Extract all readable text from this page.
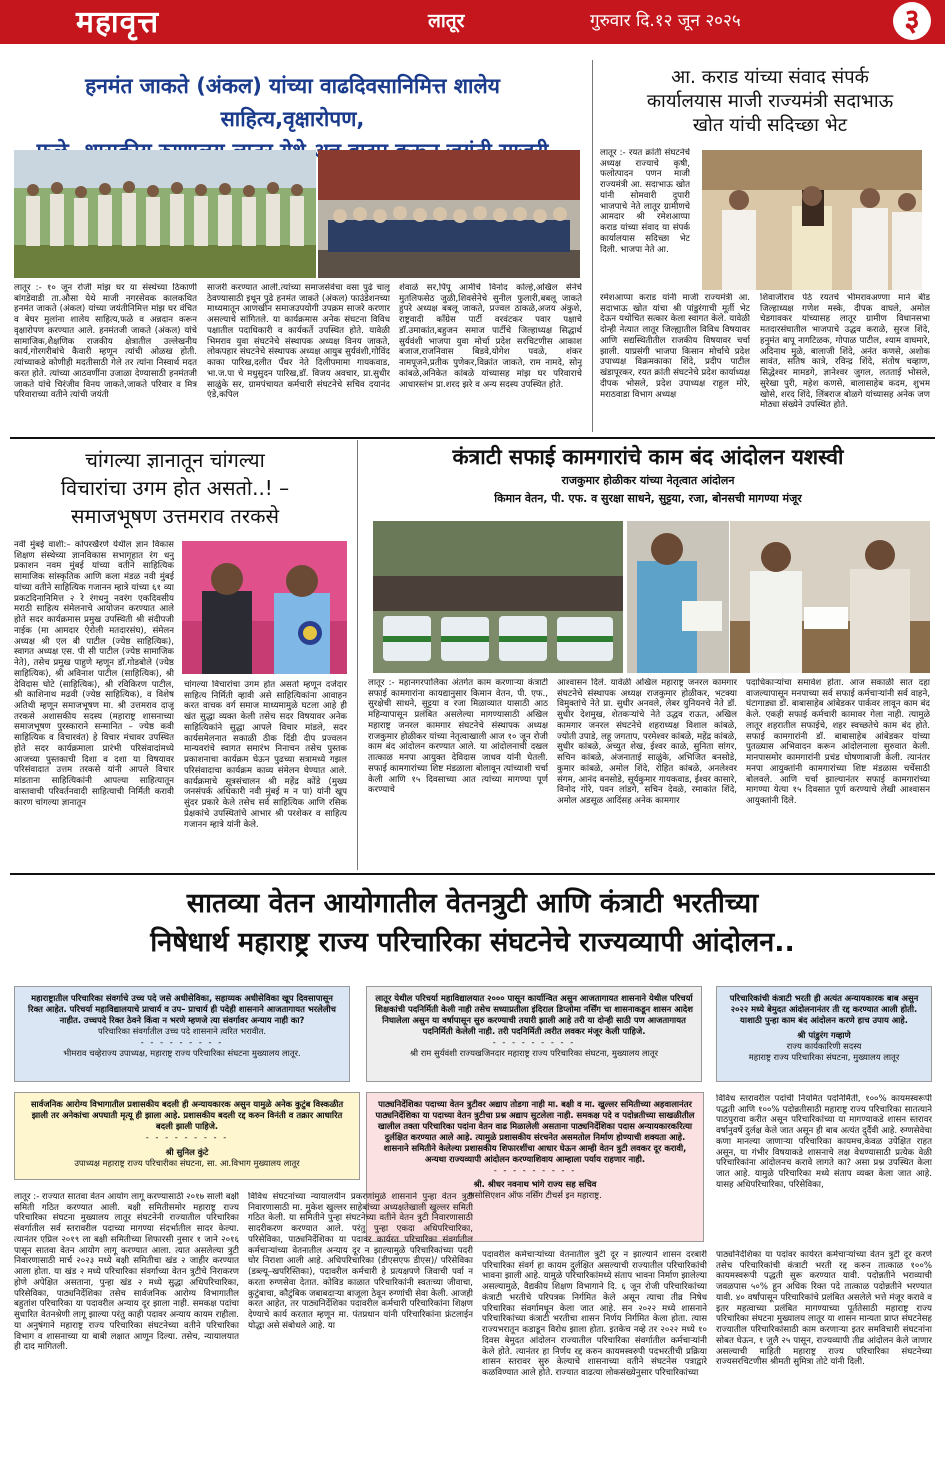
महावृत्त	लातूर	गुरुवार दि.१२ जून २०२५	३
हनमंत जाकते (अंकल) यांच्या वाढदिवसानिमित्त शालेय साहित्य,वृक्षारोपण,
लातूर :- १० जून रोजी मांझ घर या संस्थेच्या ठिकाणी बांगडेवाडी ता.औसा येथे माजी नगरसेवक कालकथित हनमंत जाकते (अंकल) यांच्या जयंतीनिमित्त मांझ घर वंचित व बेघर मुलांना शालेय साहित्य,फळे व अन्नदान करून वृक्षारोपण करण्यात आले. हनमंतजी जाकते (अंकल) यांचे सामाजिक,शैक्षणिक राजकीय क्षेत्रातील उल्लेखनीय कार्य,गोरगरीबांचे कैवारी म्हणून त्यांची ओळख होती. त्यांच्याकडे कोणीही मदतीसाठी गेले तर त्यांना निस्वार्थ मदत करत होते. त्यांच्या आठवणींना उजाळा देण्यासाठी हनमंतजी जाकते यांचे चिरंजीव विनय जाकते,जाकते परिवार व मित्र परिवाराच्या वतीने त्यांची जयंती
साजरी करण्यात आली.त्यांच्या समाजसेवेचा वसा पुढे चालू ठेवण्यासाठी इथून पुढे हनमंत जाकते (अंकल) फाउंडेशनच्या माध्यमातून आणखीन समाजउपयोगी उपक्रम साजरे करणार असल्याचे सांगितले. या कार्यक्रमास अनेक संघटना विविध पक्षातील पदाधिकारी व कार्यकर्ते उपस्थित होते. यावेळी भिमराव युवा संघटनेचे संस्थापक अध्यक्ष विनय जाकते, लोकपहार संघटनेचे संस्थापक अध्यक्ष आयुब सुर्यवंशी,गोविंद काका पारिख,दलीत पँथर नेते दिलीपमामा गायकवाड, भा.ज.पा चे मधुसुदन पारिख,डॉ. विजय अवचार, प्रा.सुधीर साळुंके सर, ग्रामपंचायत कर्मचारी संघटनेचे सचिव दयानंद एंडे,कपिल
शेवाळे सर,पिंपू आर्मीचे विनोद कोल्हे,अखिल सेनेचे मुतलिफसेठ जुळी,शिवसेनेचे सुनील फुलारी,बबलू जाकते हुपरे अध्यक्ष बबलू जाकते, प्रज्वल ठाकळे,अजय अंकुशे, राष्ट्रवादी काँग्रेस पार्टी वरवंटकर पवार पक्षाचे डॉ.उमाकांत,बहुजन समाज पार्टीचे जिल्हाध्यक्ष सिद्धार्थ सुर्यवंशी भाजपा युवा मोर्चा प्रदेश सरचिटणीस आकाश बजाज,राजनिवास बिडवे,योगेश पवळे, शंकर नामपूजने,प्रतीक पुणेकर,विक्रांत जाकते, राम नामदे, सोनू कांबळे,अनिकेत कांबळे यांच्यासह मांझ घर परिवाराचे आधारस्तंभ प्रा.शरद झरे व अन्य सदस्य उपस्थित होते.
आ. कराड यांच्या संवाद संपर्क
कार्यालयास माजी राज्यमंत्री सदाभाऊ
खोत यांची सदिच्छा भेट
लातूर :- रयत क्रांती संघटनेचे अध्यक्ष राज्याचे कृषी, फलोत्पादन पणन माजी राज्यमंत्री आ. सदाभाऊ खोत यांनी सोमवारी दुपारी भाजपाचे नेते लातूर ग्रामीणचे आमदार श्री रमेशआप्पा कराड यांच्या संवाद या संपर्क कार्यालयास सदिच्छा भेट दिली. भाजपा नेते आ.
रमेशआप्पा कराड यांनी माजी राज्यमंत्री आ. सदाभाऊ खोत यांचा श्री पांडुरंगाची मूर्ती भेट देऊन यथोचित सत्कार केला स्वागत केले. यावेळी दोन्ही नेत्यात लातूर जिल्ह्यातील विविध विषयावर आणि सद्यस्थितीतील राजकीय विषयावर चर्चा झाली. याप्रसंगी भाजपा किसान मोर्चाचे प्रदेश उपाध्यक्ष विक्रमकाका शिंदे, प्रदीप पाटील खंडापूरकर, रयत क्रांती संघटनेचे प्रदेश कार्याध्यक्ष दीपक भोसले, प्रदेश उपाध्यक्ष राहुल मोरे, मराठवाडा विभाग अध्यक्ष
शिवाजीराव पेठे रयतचे भीमरावअण्णा माने बीड जिल्हाध्यक्ष गणेश मस्के, दीपक वाघले, अमोल चेडगावकर यांच्यासह लातूर ग्रामीण विधानसभा मतदारसंघातील भाजपाचे उद्धव कराळे, सुरज शिंदे, हनुमंत बापू नागटिळक, गोपाळ पाटील, श्याम वाघमारे, अदिनाथ मुळे, बालाजी शिंदे, अनंत कणसे, अशोक सावंत, सतिष कात्रे, रविन्द्र शिंदे, संतोष चव्हाण, सिद्धेश्वर मामडगे, ज्ञानेश्वर जुगल, लतताई भोसले, सुरेखा पुरी, महेश कणसे, बालासाहेब कदम, शुभम खोसे, शरद शिंदे, लिंबराज बोळगे यांच्यासह अनेक जण मोठ्या संख्येने उपस्थित होते.
चांगल्या ज्ञानातून चांगल्या
विचारांचा उगम होत असतो..! –
समाजभूषण उत्तमराव तरकसे
नवी मुंबई वाशी:– कोपरखैरणे येथील ज्ञान विकास शिक्षण संस्थेच्या ज्ञानविकास सभागृहात रंग धनु प्रकाशन नवम मुंबई यांच्या वतीने साहित्यिक सामाजिक सांस्कृतिक आणि कला मंडळ नवी मुंबई यांच्या वतीने साहित्यिक गजानन म्हात्रे यांच्या ६१ व्या प्रकटदिनानिमित्त २ रे रंगधनु नवरंग एकदिवसीय मराठी साहित्य संमेलनाचे आयोजन करण्यात आले होते सदर कार्यक्रमास प्रमुख उपस्थिती श्री संदीपजी नाईक (मा आमदार ऐरोली मतदारसंघ), संमेलन अध्यक्ष श्री एल बी पाटील (ज्येष्ठ साहित्यिक), स्वागत अध्यक्ष एस. पी सी पाटील (ज्येष्ठ सामाजिक नेते), तसेच प्रमुख पाहुणे म्हणून डॉ.गोडबोले (ज्येष्ठ साहित्यिक), श्री अविनाश पाटील (साहित्यिक), श्री देविदास घोटे (साहित्यिक), श्री रविकिरण पाटील, श्री काशिनाथ मढवी (ज्येष्ठ साहित्यिक), व विशेष अतिथी म्हणून समाजभूषण मा. श्री उत्तमराव दाजू तरकसे अशासकीय सदस्य (महाराष्ट्र शासनाच्या समाजभूषण पुरस्काराने सन्मानित – ज्येष्ठ कवी साहित्यिक व विचारवंत) हे विचार मंचावर उपस्थित होते सदर कार्यक्रमाला प्रारंभी परिसंवादांमध्ये आजच्या पुस्तकाची दिशा व दशा या विषयावर परिसंवादात उत्तम तरकसे यांनी आपले विचार मांडताना साहित्यिकांनी आपल्या साहित्यातून वास्तवाची परिवर्तनवादी साहित्याची निर्मिती करावी कारण चांगल्या ज्ञानातून
चांगल्या विचारांचा उगम होत असतो म्हणून दर्जेदार साहित्य निर्मिती व्हावी असे साहित्यिकांना आवाहन करत वाचक वर्ग समाज माध्यमामुळे घटला आहे ही खंत सुद्धा व्यक्त केली तसेच सदर विषयावर अनेक साहित्यिकांने सुद्धा आपले विचार मांडले, सदर कार्यसमेलनात सकाळी ठीक दिंडी दीप प्रज्वलन मान्यवरांचे स्वागत समारंभ निनाचन तसेच पुस्तक प्रकाशनाचा कार्यक्रम घेऊन पुढच्या सत्रामध्ये गझल परिसंवादाचा कार्यक्रम काव्य संमेलन घेण्यात आले. कार्यक्रमाचे सूत्रसंचालन श्री महेंद्र कोंडे (मुख्य जनसंपर्क अधिकारी नवी मुंबई म न पा) यांनी खूप सुंदर प्रकारे केले तसेच सर्व साहित्यिक आणि रसिक प्रेक्षकांचे उपस्थितांचे आभार श्री परशेकर व साहित्य गजानन म्हात्रे यांनी केले.
कंत्राटी सफाई कामगारांचे काम बंद आंदोलन यशस्वी
राजकुमार होळीकर यांच्या नेतृत्वात आंदोलन
किमान वेतन, पी. एफ. व सुरक्षा साधने, सुट्टया, रजा, बोनसची मागण्या मंजूर
लातूर :- महानगरपालिका अंतर्गत काम करणाऱ्या कंत्राटी सफाई कामगारांना कायद्यानुसार किमान वेतन, पी. एफ., सुरक्षेची साधने, सुट्टया व रजा मिळाव्यात यासाठी आठ महिन्यापासून प्रलंबित असलेल्या मागण्यासाठी अखिल महाराष्ट्र जनरल कामगार संघटनेचे संस्थापक अध्यक्ष राजकुमार होळीकर यांच्या नेतृत्वाखाली आज १० जून रोजी काम बंद आंदोलन करण्यात आले. या आंदोलनाची दखल तात्काळ मनपा आयुक्त देविदास जाधव यांनी घेतली. सफाई कामगारांच्या शिष्ट मंडळाला बोलावून त्यांच्याशी चर्चा केली आणि १५ दिवसाच्या आत त्यांच्या मागण्या पूर्ण करण्याचे
आश्वासन दिले. यावेळी अखिल महाराष्ट्र जनरल कामगार संघटनेचे संस्थापक अध्यक्ष राजकुमार होळीकर, भटक्या विमुक्तांचे नेते प्रा. सुधीर अनवले, लेबर युनियनचे नेते डॉ. सुधीर देशमुख, शेतकऱ्यांचे नेते उद्धव राऊत, अखिल कामगार जनरल संघटनेचे शहराध्यक्ष विशाल कांबळे, ज्योती उपाडे, लहू जगताप, परमेश्वर कांबळे, महेंद्र कांबळे, सुधीर कांबळे, अच्युत शेख, ईश्वर काळे, सुनिता सांगर, सचिन कांबळे, अंजनाताई साळुंके, अभिजित बनसोडे, कुमार कांबळे, अमोल शिंदे, रोहित कांबळे, अनलेश्वर संगम, आनंद बनसोडे, सूर्यकुमार गायकवाड, ईश्वर कासारे, विनोद गोरे, पवन लांडगे, सचिन देवळे, रमाकांत शिंदे, अमोल अडसूळ आदिंसह अनेक कामगार
पदाधिकाऱ्यांचा समावेश होता. आज सकाळी सात दहा वाजल्यापासून मनपाच्या सर्व सफाई कर्मचाऱ्यांनी सर्व वाहने, घंटागाड्या डॉ. बाबासाहेब आंबेडकर पार्कवर लावून काम बंद केले. एकही सफाई कर्मचारी कामावर गेला नाही. त्यामुळे लातूर शहरातील सफाईचे, शहर स्वच्छतेचे काम बंद होते. सफाई कामगारांनी डॉ. बाबासाहेब आंबेडकर यांच्या पुतळ्यास अभिवादन करून आंदोलनाला सुरुवात केली. मानपासमोर कामगारांनी प्रचंड घोषणाबाजी केली. त्यानंतर मनपा आयुक्तांनी कामगारांच्या शिष्ट मंडळास चर्चेसाठी बोलवले. आणि चर्चा झाल्यानंतर सफाई कामगारांच्या मागण्या येत्या १५ दिवसात पूर्ण करण्याचे लेखी आश्वासन आयुक्तांनी दिले.
सातव्या वेतन आयोगातील वेतनत्रुटी आणि कंत्राटी भरतीच्या
निषेधार्थ महाराष्ट्र राज्य परिचारिका संघटनेचे राज्यव्यापी आंदोलन..
महाराष्ट्रातील परिचारिका संवर्गाचे उच्च पदे जसे अधीसेविका, सहाय्यक अधीसेविका खूप दिवसापासून रिक्त आहेत. परिचर्या महाविद्यालयाचे प्राचार्य व उप– प्राचार्य ही पदेही शासनाने आजतागायत भरलेलीच नाहीत. उच्चपदे रिक्त ठेवने किंवा न भरणे म्हणजे त्या संवर्गावर अन्याय नाही का?
परिचारिका संवर्गातील उच्च पदे शासनाने त्वरित भरावीत.
- - - - - - - - -
भीमराव चव्हेराज्य उपाध्यक्ष, महाराष्ट्र राज्य परिचारिका संघटना मुख्यालय लातूर.
लातूर येथील परिचर्या महाविद्यालयात २००० पासून कार्यान्वित असुन आजतागायत शासनाने येथील परिचर्या शिक्षकांची पदनिर्मिती केली नाही तसेच सध्याप्रतीला इंदिराल डिप्लोमा नर्सिंग चा शासनाकडून शासन आदेश निघालेला असुन या वर्षापासून सुरु करण्याची तयारी झाली आहे तरी या दोन्ही साठी पण आजतागायत पदनिर्मिती केलेली नाही. तरी पदनिर्मिती त्वरीत लवकर मंजूर केली पाहिजे.
- - - - - - - - -
श्री राम सुर्यवंशी राज्यखजिनदार महाराष्ट्र राज्य परिचारिका संघटना, मुख्यालय लातूर
परिचारिकांची कंत्राटी भरती ही अत्यंत अन्यायकारक बाब असुन २०२२ मध्ये बेमुदत आंदोलनानंतर ती रद्द करण्यात आली होती. याशाठी पुन्हा काम बंद आंदोलन करणे हाच उपाय आहे.
श्री पांडुरंग गव्हाणे
राज्य कार्यकारिणी सदस्य
महाराष्ट्र राज्य परिचारिका संघटना, मुख्यालय लातूर
सार्वजनिक आरोग्य विभागातील प्रशासकीय बदली ही अन्यायकारक असुन यामुळे अनेक कुटुंब विस्कळीत झाली तर अनेकांचा अपघाती मृत्यू ही झाला आहे. प्रशासकीय बदली रद्द करुन विनंती व तक्रार आधारित बदली झाली पाहिजे.
- - - - - - - - -
श्री सुनिल कुंटे
उपाध्यक्ष महाराष्ट्र राज्य परिचारीका संघटना, सा. आ.विभाग मुख्यालय लातूर
पाठ्यनिर्देशिका पदाच्या वेतन त्रुटीवर अद्याप तोडगा नाही मा. बक्षी व मा. खुल्लर समितीच्या अहवालानंतर पाठ्यनिर्देशिका या पदाच्या वेतन त्रुटीचा प्रश्न अद्याप सुटलेला नाही. समकक्ष पदे व पदोन्नतीच्या साखळीतील खालील तक्ता परिचारिका पदांना वेतन वाढ मिळालेली असताना पाठ्यनिर्देशिका पदास अन्यायकारकरित्या दुर्लक्षित करण्यात आले आहे. त्यामुळे प्रशासकीय संरचनेत असमतोल निर्माण होण्याची शक्यता आहे. शासनाने समितीने केलेल्या प्रशासकीय शिफारशींचा आधार घेऊन आम्ही वेतन त्रुटी लवकर दूर करावी, अन्यथा राज्यव्यापी आंदोलन करण्याशिवाय आम्हाला पर्याय राहणार नाही.
- - - - - - - - -
श्री. श्रीधर नवनाथ भांगे राज्य सह सचिव
असोसिएशन ऑफ नर्सिंग टीचर्स इन महाराष्ट्र.
विविध स्तरावरील पदांची नियमित पदनिर्मिती, १००% कायमस्वरूपी पद्धती आणि १००% पदोन्नतीसाठी महाराष्ट्र राज्य परिचारिका सातत्याने पाठपुरावा करीत असून परिचारिकांच्या या मागण्याकडे शासन स्तरावर वर्षानुवर्षे दुर्लक्ष केले जात असून ही बाब अत्यंत दुर्दैवी आहे. रुग्णसेवेचा कणा मानल्या जाणाऱ्या परिचारिका कायमच,केवळ उपेक्षित राहत असून, या गंभीर विषयाकडे शासनाचे लक्ष वेधण्यासाठी प्रत्येक वेळी परिचारिकांना आंदोलनच करावे लागते का? असा प्रश्न उपस्थित केला जात आहे. यामुळे परिचारिका मध्ये संताप व्यक्त केला जात आहे. यासह अधिपरिचारिका, परिसेविका,
लातूर :- राज्यात सातवा वेतन आयोग लागू करण्यासाठी २०१७ साली बक्षी समिती गठित करण्यात आली. बक्षी समितीसमोर महाराष्ट्र राज्य परिचारिका संघटना मुख्यालय लातूर संघटनेनी राज्यातील परिचारिका संवर्गातील सर्व स्तरावरील पदाच्या मागण्या संदर्भातील सादर केल्या. त्यानंतर एप्रिल २०१९ ला बक्षी समितीच्या शिफारसी नुसार १ जाने २०१६ पासून सातवा वेतन आयोग लागू करण्यात आला. त्यात असलेल्या त्रुटी निवारणासाठी मार्च २०२३ मध्ये बक्षी समितीचा खंड २ जाहीर करण्यात आला होता. या खंड २ मध्ये परिचारिका संवर्गाच्या वेतन त्रुटीचे निराकरण होणे अपेक्षित असताना, पुन्हा खंड २ मध्ये सुद्धा अधिपरिचारिका, परिसेविका, पाठ्यनिर्देशिका तसेच सार्वजनिक आरोग्य विभागातील बहुतांश परिचारिका या पदावरील अन्याय दूर झाला नाही. समकक्ष पदांचा सुधारित वेतनश्रेणी लागू झाल्या परंतु काही पदावर अन्याय कायम राहीला. या अनुषंगाने महाराष्ट्र राज्य परिचारिका संघटनेच्या वतीने परिचारिका विभाग व शासनाच्या या बाबी लक्षात आणून दिल्या. तसेच, न्यायालयात ही दाद मागितली.
विविध संघटनांच्या न्यायालयीन प्रकरणांमुळे शासनाने पुन्हा वेतन त्रुटी निवारणासाठी मा. मुकेश खुल्लर साहेबांच्या अध्यक्षतेखाली खुल्लर समिती गठित केली. या समितीने पुन्हा संघटनेच्या वतीने वेतन त्रुटी निवारणासाठी सादरीकरण करण्यात आले. परंतु पुन्हा एकदा अधिपरिचारिका, परिसेविका, पाठ्यनिर्देशिका या पदावर कार्यरत परिचारिका संवर्गातील कर्मचाऱ्यांच्या वेतनातील अन्याय दूर न झाल्यामुळे परिचारिकांच्या पदरी घोर निराशा आली आहे. अधिपरिचारिका (डीएसएफ डीएस)/ परिसेविका (डब्ल्यू–खपरिस्तिका), पदावरील कर्मचारी हे प्रत्यक्षपणे जिवाची पर्वा न करता रुग्णसेवा देतात. कोविड काळात परिचारिकांनी स्वतःच्या जीवाचा, कुटुंबाचा, कौटुंबिक जबाबदाऱ्या बाजूला ठेवून रुग्णांची सेवा केली. आजही करत आहेत, तर पाठ्यनिर्देशिका पदावरील कर्मचारी परिचारिकांना शिक्षण देण्याचे कार्य करतात म्हणून मा. पंतप्रधान यांनी परिचारिकांना फ्रंटलाईन योद्धा असे संबोधले आहे. या
पदावरील कर्मचाऱ्यांच्या वेतनातील त्रुटी दूर न झाल्याने शासन दरबारी परिचारिका संवर्ग हा कायम दुर्लक्षित असल्याची राज्यातील परिचारिकांची भावना झाली आहे. यामुळे परिचारिकांमध्ये संताप भावना निर्माण झालेल्या असल्यामुळे, वैद्यकीय शिक्षण विभागाने दि. ६ जून रोजी परिचारिकांच्या कंत्राटी भरतीचे परिपत्रक निर्गमित केले असून त्याचा तीव्र निषेध परिचारिका संवर्गामधून केला जात आहे. सन २०२२ मध्ये शासनाने परिचारिकांच्या कंत्राटी भरतीचा शासन निर्णय निर्गमित केला होता. त्यास राज्यभरातून कडाडून विरोध झाला होता. इतकेच नव्हे तर २०२२ मध्ये १० दिवस बेमुदत आंदोलन राज्यातील परिचारिका संवर्गातील कर्मचाऱ्यांनी केले होते. त्यानंतर हा निर्णय रद्द करुन कायमस्वरुपी पदभरतीची प्रक्रिया शासन स्तरावर सुरु केल्याचे शासनाच्या वतीने संघटनेस पत्राद्वारे कळविण्यात आले होते. राज्यात वाढत्या लोकसंख्येनुसार परिचारिकांच्या
पाठ्यनिर्देशिका या पदांवर कार्यरत कर्मचाऱ्यांच्या वेतन त्रुटी दूर करणे तसेच परिचारिकांची कंत्राटी भरती रद्द करुन तात्काळ १००% कायमस्वरूपी पद्धती सुरू करण्यात यावी. पदोन्नतीने भराव्याची जवळपास ५०% हून अधिक रिक्त पदे तात्काळ पदोन्नतीने भरण्यात यावी. ४० वर्षांपासून परिचारिकांचे प्रलंबित असलेले भत्ते मंजूर करावे व इतर महत्वाच्या प्रलंबित मागण्याच्या पूर्ततेसाठी महाराष्ट्र राज्य परिचारिका संघटना मुख्यालय लातूर या शासन मान्यता प्राप्त संघटनेसह राज्यातील परिचारिकांसाठी काम करणाऱ्या इतर समविचारी संघटनांना सोबत घेऊन, १ जुलै २५ पासून, राज्यव्यापी तीव्र आंदोलन केले जाणार असल्याची माहिती महाराष्ट्र राज्य परिचारिका संघटनेच्या राज्यसरचिटणीस श्रीमती सुमित्रा तोटे यांनी दिली.
